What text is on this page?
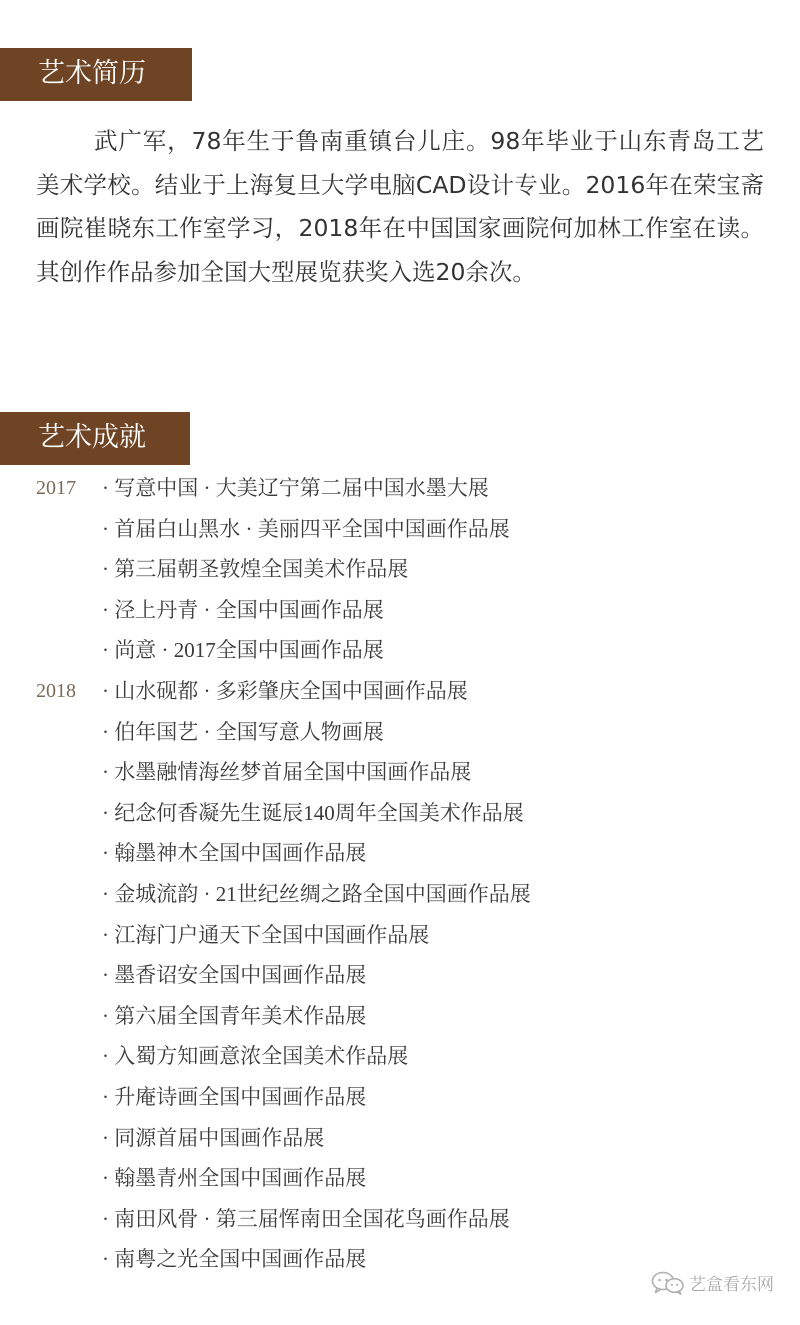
艺术简历

武广军，78年生于鲁南重镇台儿庄。98年毕业于山东青岛工艺美术学校。结业于上海复旦大学电脑CAD设计专业。2016年在荣宝斋画院崔晓东工作室学习，2018年在中国国家画院何加林工作室在读。其创作作品参加全国大型展览获奖入选20余次。

艺术成就
2017 · 写意中国 · 大美辽宁第二届中国水墨大展
· 首届白山黑水 · 美丽四平全国中国画作品展
· 第三届朝圣敦煌全国美术作品展
· 泾上丹青 · 全国中国画作品展
· 尚意 · 2017全国中国画作品展
2018 · 山水砚都 · 多彩肇庆全国中国画作品展
· 伯年国艺 · 全国写意人物画展
· 水墨融情海丝梦首届全国中国画作品展
· 纪念何香凝先生诞辰140周年全国美术作品展
· 翰墨神木全国中国画作品展
· 金城流韵 · 21世纪丝绸之路全国中国画作品展
· 江海门户通天下全国中国画作品展
· 墨香诏安全国中国画作品展
· 第六届全国青年美术作品展
· 入蜀方知画意浓全国美术作品展
· 升庵诗画全国中国画作品展
· 同源首届中国画作品展
· 翰墨青州全国中国画作品展
· 南田风骨 · 第三届恽南田全国花鸟画作品展
· 南粤之光全国中国画作品展
艺盒看东网
